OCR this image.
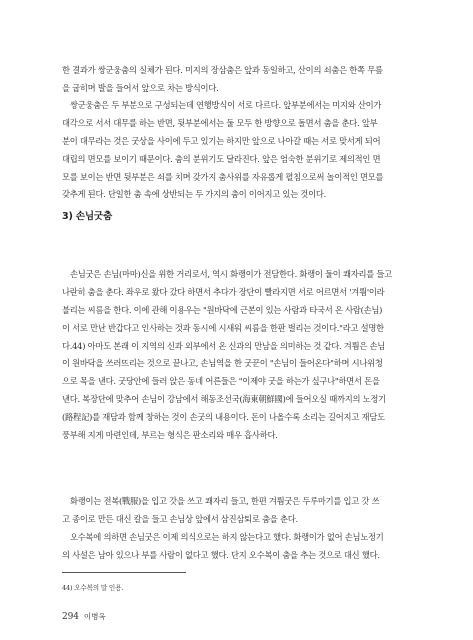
한 결과가 쌍군웅춤의 실체가 된다. 미지의 장삼춤은 앞과 동일하고, 산이의 쇠춤은 한쪽 무릎
을 굽히며 발을 들어서 앞으로 차는 방식이다.
쌍군웅춤은 두 부분으로 구성되는데 연행방식이 서로 다르다. 앞부분에서는 미지와 산이가
대각으로 서서 대무를 하는 반면, 뒷부분에서는 둘 모두 한 방향으로 돌면서 춤을 춘다. 앞부
분이 대무라는 것은 굿상을 사이에 두고 있기는 하지만 앞으로 나아갈 때는 서로 맞서게 되어
대립의 면모를 보이기 때문이다. 춤의 분위기도 달라진다. 앞은 엄숙한 분위기로 제의적인 면
모를 보이는 반면 뒷부분은 쇠를 치며 갖가지 춤사위를 자유롭게 펼침으로써 놀이적인 면모를
갖추게 된다. 단일한 춤 속에 상반되는 두 가지의 춤이 이어지고 있는 것이다.
3) 손님굿춤
손님굿은 손님(마마)신을 위한 거리로서, 역시 화랭이가 전담한다. 화랭이 둘이 쾌자리를 들고
나란히 춤을 춘다. 좌우로 왔다 갔다 하면서 추다가 장단이 빨라지면 서로 어르면서 '겨뤔'이라
불리는 씨름을 한다. 이에 관해 이용우는 "원바닥에 근본이 있는 사람과 타국서 온 사람(손님)
이 서로 만난 반갑다고 인사하는 것과 동시에 시새워 씨름을 한판 벌리는 것이다."라고 설명한
다.44) 아마도 본래 이 지역의 신과 외부에서 온 신과의 만남을 의미하는 것 같다. 겨뤔은 손님
이 원바닥을 쓰러뜨리는 것으로 끝나고, 손님역을 한 굿꾼이 "손님이 들어온다"하며 시나위청
으로 목을 낸다. 굿당안에 들러 앉은 동네 어른들은 "이제야 굿을 하는가 싶구나"하면서 돈을
낸다. 복장단에 맞추어 손님이 강남에서 해동조선국(海東朝鮮國)에 들어오실 때까지의 노정기
(路程記)를 재담과 함께 창하는 것이 손굿의 내용이다. 돈이 나올수록 소리는 길어지고 재담도
풍부해 지게 마련인데, 부르는 형식은 판소리와 매우 흡사하다.
화랭이는 전복(戰服)을 입고 갓을 쓰고 쾌자리 들고, 한편 겨뤔굿은 두루마기를 입고 갓 쓰
고 종이로 만든 대신 칼을 들고 손님상 앞에서 삼진삼퇴로 춤을 춘다.
오수복에 의하면 손님굿은 이제 의식으로는 하지 않는다고 했다. 화랭이가 없어 손님노정기
의 사설은 남아 있으나 부를 사람이 없다고 했다. 단지 오수복이 춤을 추는 것으로 대신 했다.
44) 오수복의 말 인용.
294 이병옥
